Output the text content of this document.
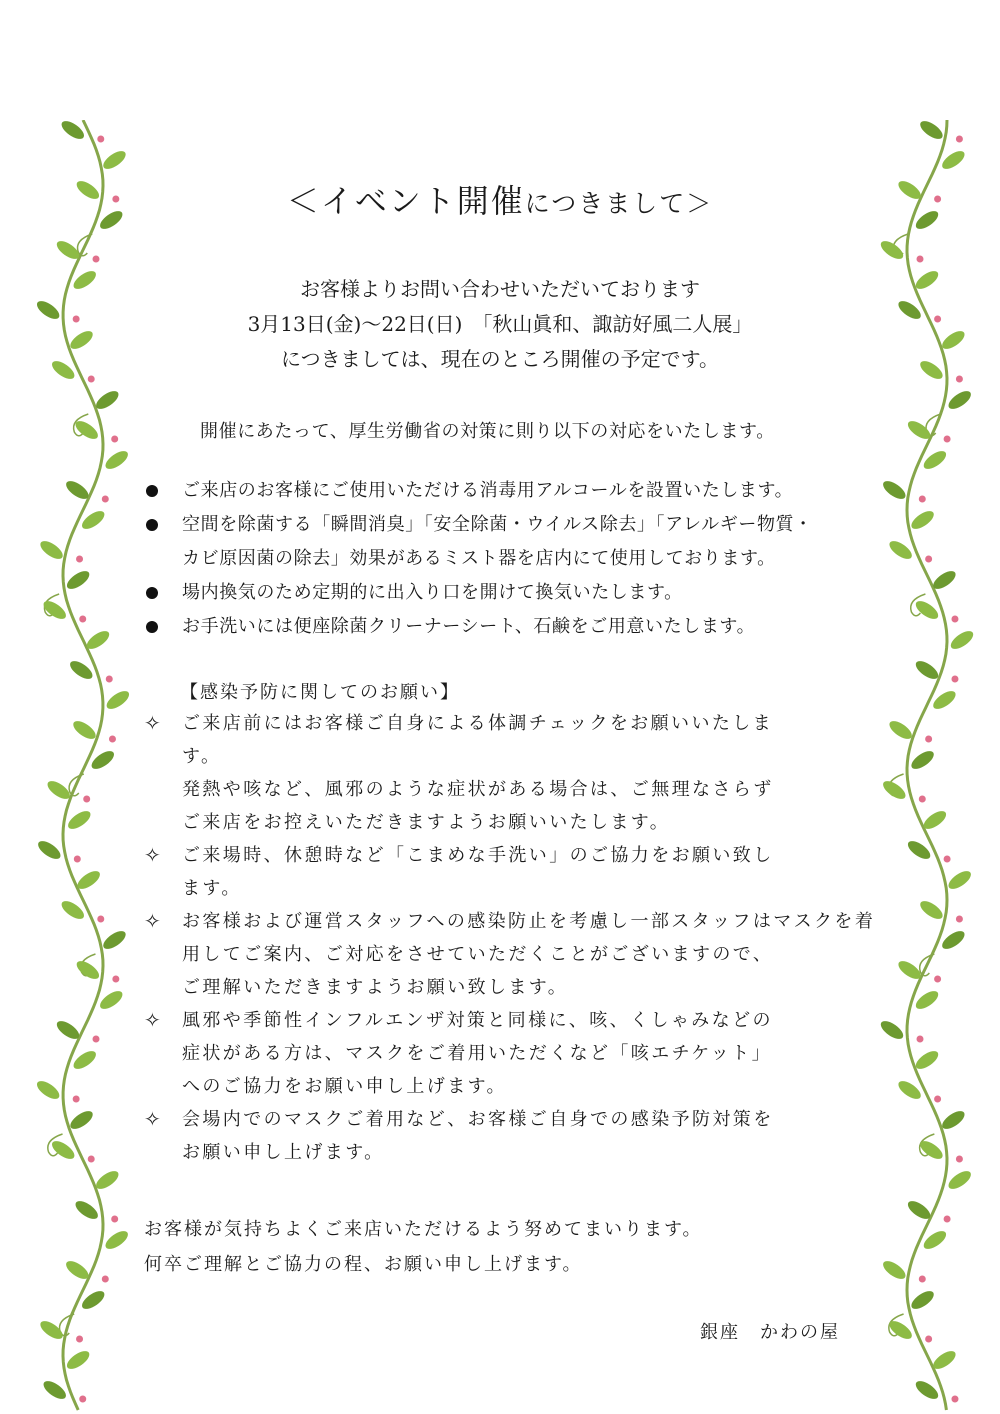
＜イベント開催につきまして＞
お客様よりお問い合わせいただいております
3月13日(金)～22日(日)　「秋山眞和、諏訪好風二人展」
につきましては、現在のところ開催の予定です。
開催にあたって、厚生労働省の対策に則り以下の対応をいたします。
ご来店のお客様にご使用いただける消毒用アルコールを設置いたします。
空間を除菌する「瞬間消臭」「安全除菌・ウイルス除去」「アレルギー物質・
カビ原因菌の除去」効果があるミスト器を店内にて使用しております。
場内換気のため定期的に出入り口を開けて換気いたします。
お手洗いには便座除菌クリーナーシート、石鹸をご用意いたします。
【感染予防に関してのお願い】
✧ ご来店前にはお客様ご自身による体調チェックをお願いいたしま
す。
発熱や咳など、風邪のような症状がある場合は、ご無理なさらず
ご来店をお控えいただきますようお願いいたします。
✧ ご来場時、休憩時など「こまめな手洗い」のご協力をお願い致し
ます。
✧ お客様および運営スタッフへの感染防止を考慮し一部スタッフはマスクを着
用してご案内、ご対応をさせていただくことがございますので、
ご理解いただきますようお願い致します。
✧ 風邪や季節性インフルエンザ対策と同様に、咳、くしゃみなどの
症状がある方は、マスクをご着用いただくなど「咳エチケット」
へのご協力をお願い申し上げます。
✧ 会場内でのマスクご着用など、お客様ご自身での感染予防対策を
お願い申し上げます。
お客様が気持ちよくご来店いただけるよう努めてまいります。
何卒ご理解とご協力の程、お願い申し上げます。
銀座　かわの屋
